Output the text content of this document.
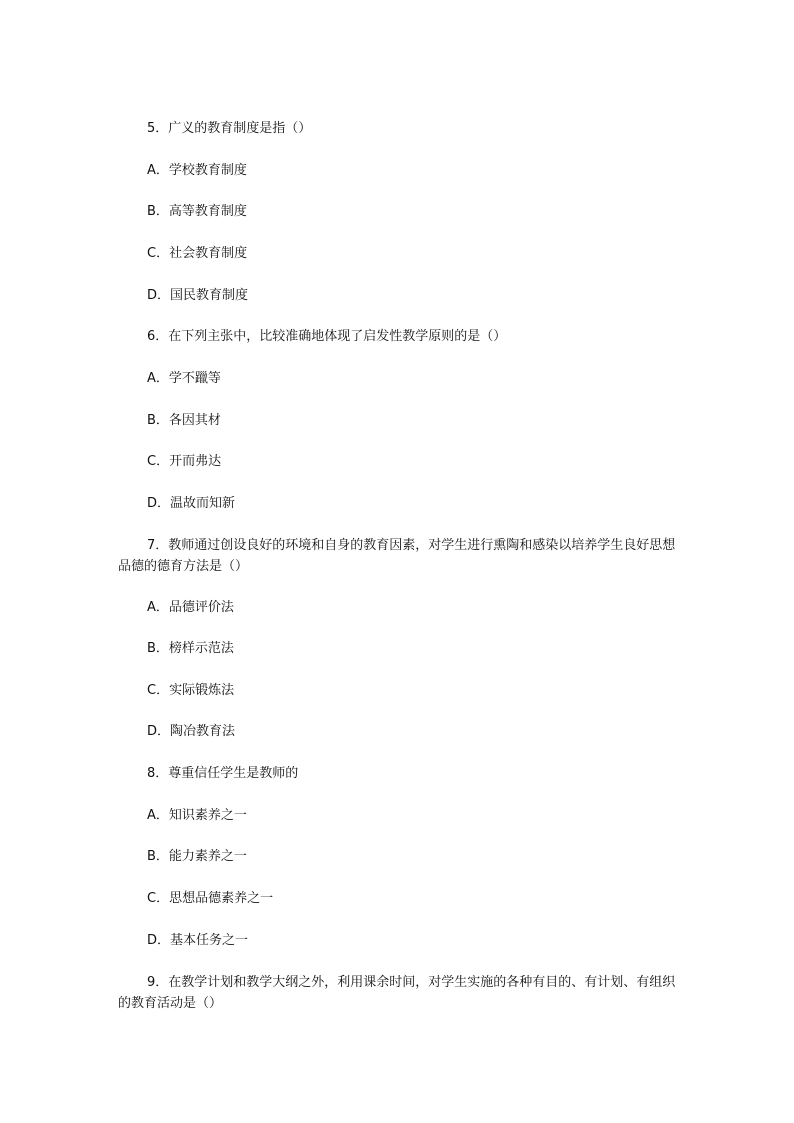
5．广义的教育制度是指（）
A．学校教育制度
B．高等教育制度
C．社会教育制度
D．国民教育制度
6．在下列主张中，比较准确地体现了启发性教学原则的是（）
A．学不躐等
B．各因其材
C．开而弗达
D．温故而知新
7．教师通过创设良好的环境和自身的教育因素，对学生进行熏陶和感染以培养学生良好思想品德的德育方法是（）
A．品德评价法
B．榜样示范法
C．实际锻炼法
D．陶冶教育法
8．尊重信任学生是教师的
A．知识素养之一
B．能力素养之一
C．思想品德素养之一
D．基本任务之一
9．在教学计划和教学大纲之外，利用课余时间，对学生实施的各种有目的、有计划、有组织的教育活动是（）
